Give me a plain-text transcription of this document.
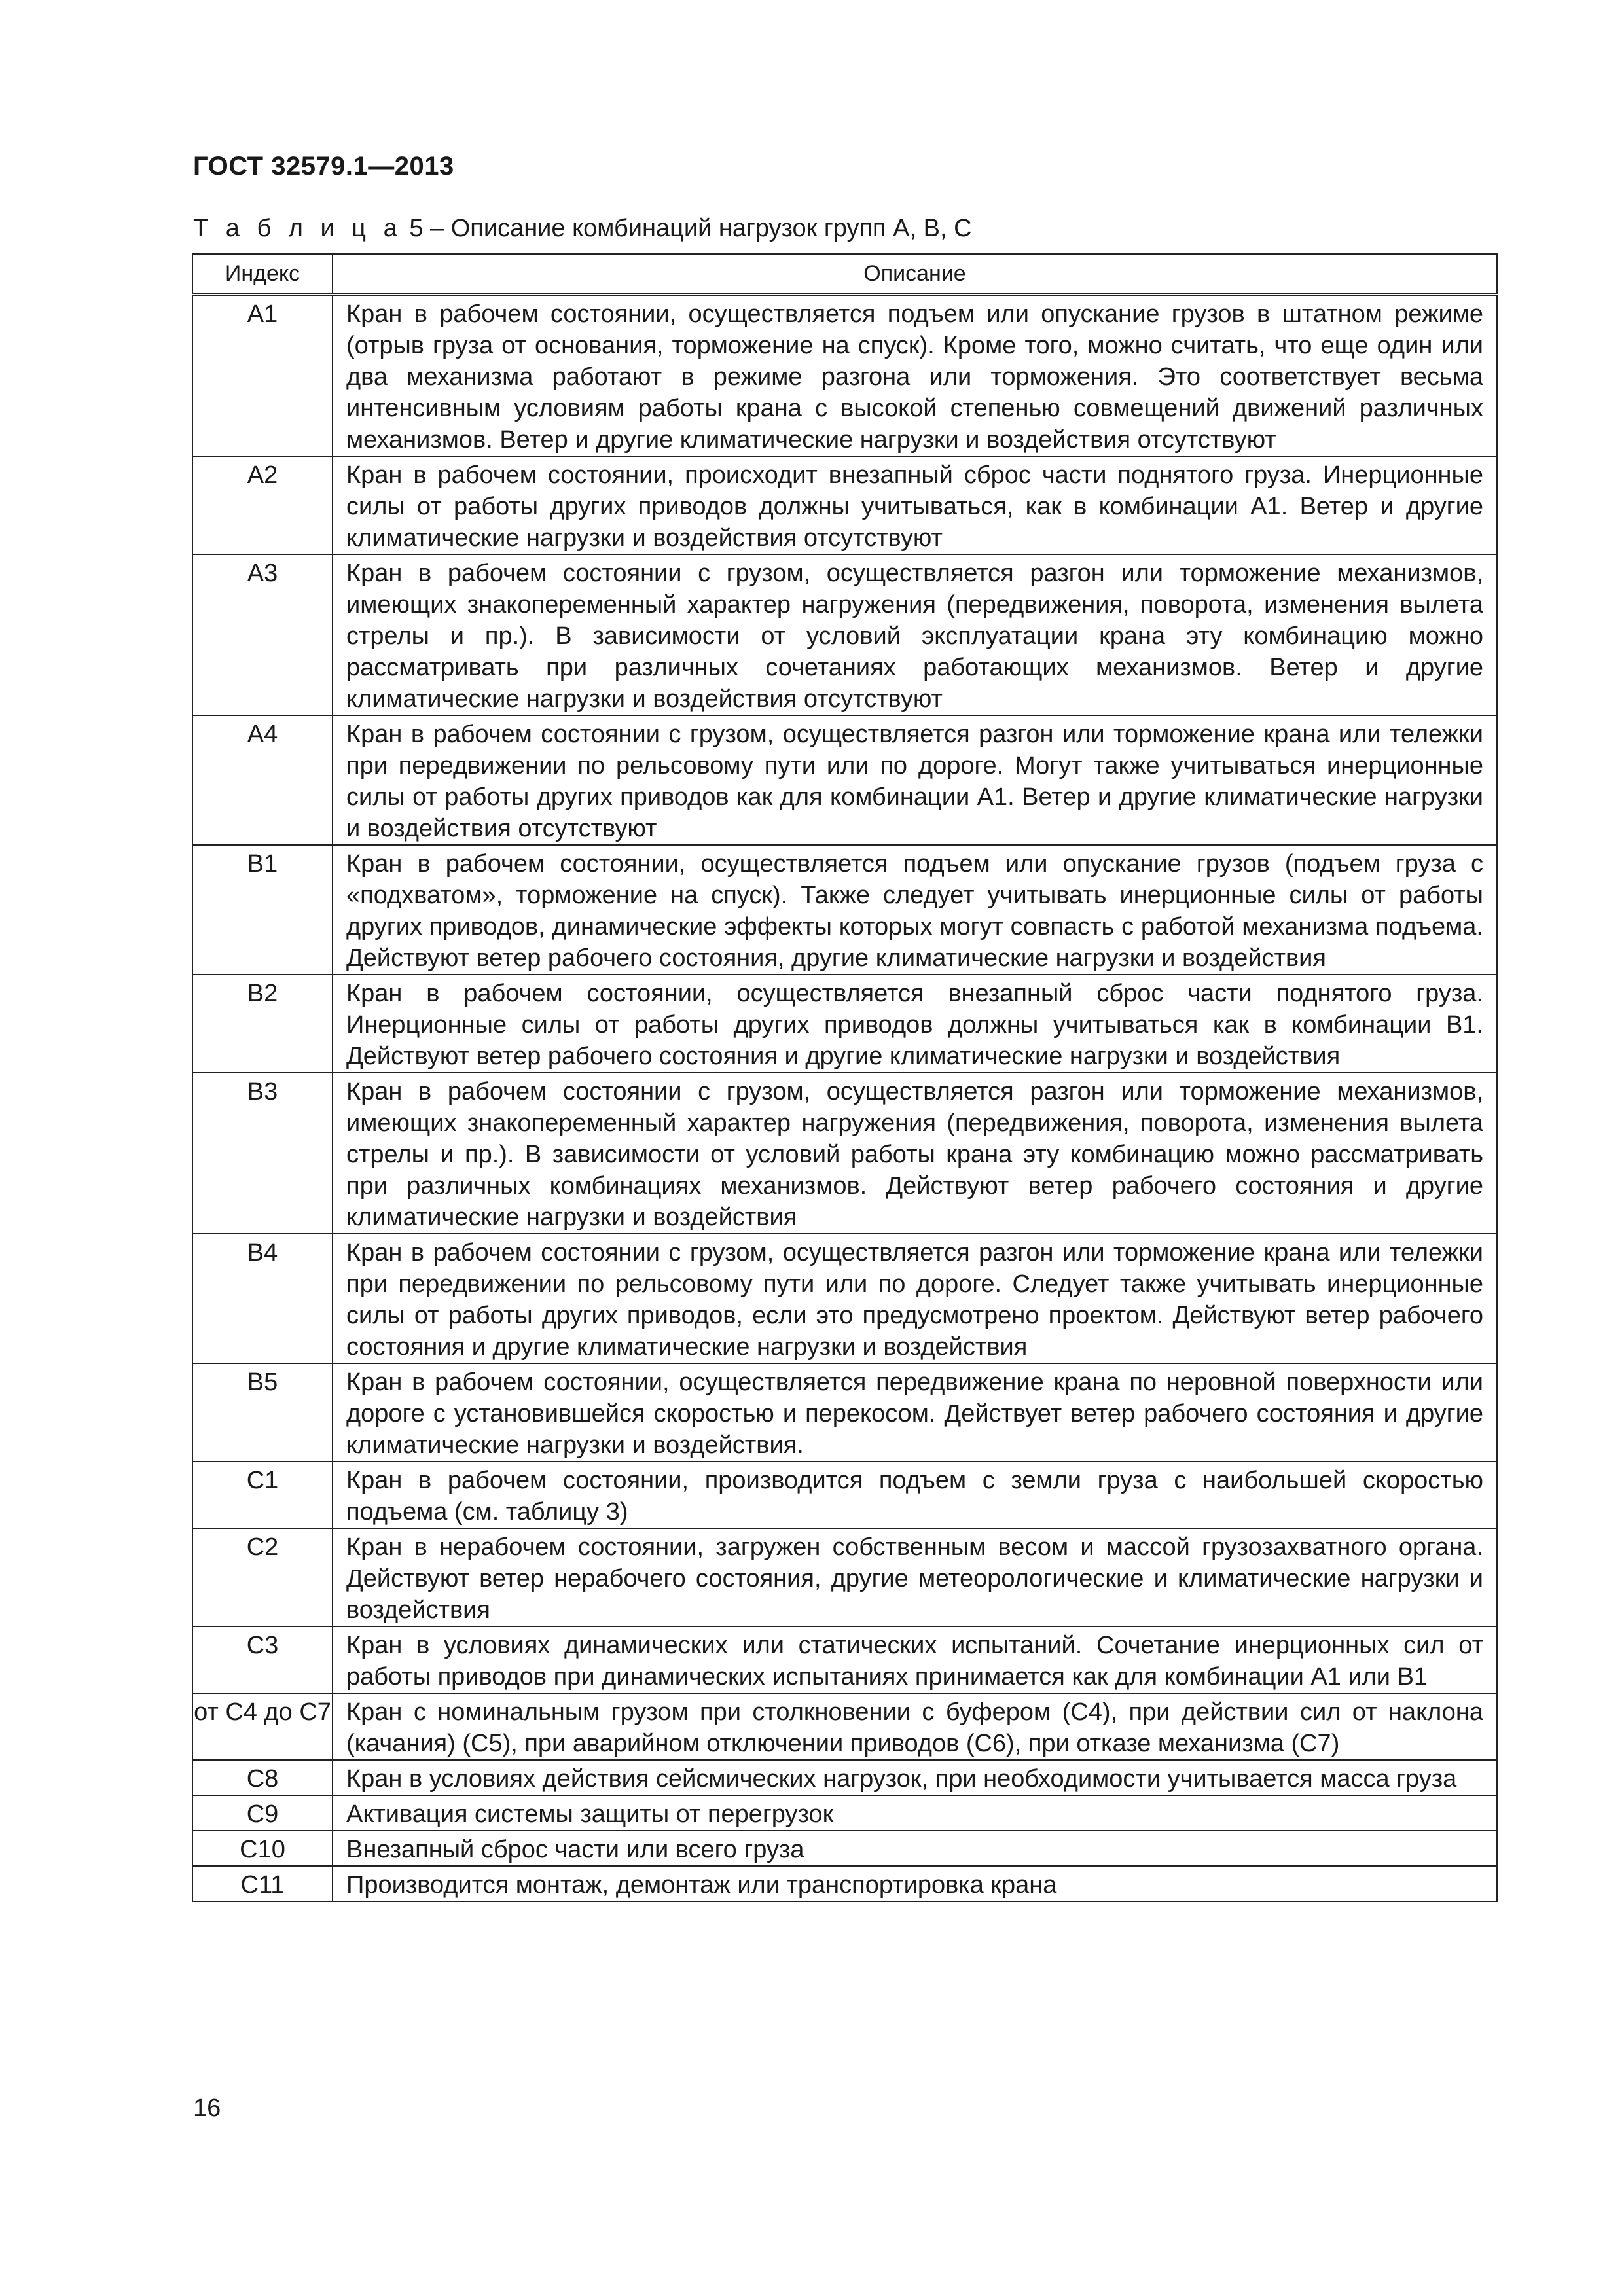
ГОСТ 32579.1—2013
Т а б л и ц а 5 – Описание комбинаций нагрузок групп А, В, С
Индекс	Описание
А1	Кран в рабочем состоянии, осуществляется подъем или опускание грузов в штатном режиме (отрыв груза от основания, торможение на спуск). Кроме того, можно считать, что еще один или два механизма работают в режиме разгона или торможения. Это соответствует весьма интенсивным условиям работы крана с высокой степенью совмещений движений различных механизмов. Ветер и другие климатические нагрузки и воздействия отсутствуют
А2	Кран в рабочем состоянии, происходит внезапный сброс части поднятого груза. Инерционные силы от работы других приводов должны учитываться, как в комбинации А1. Ветер и другие климатические нагрузки и воздействия отсутствуют
А3	Кран в рабочем состоянии с грузом, осуществляется разгон или торможение механизмов, имеющих знакопеременный характер нагружения (передвижения, поворота, изменения вылета стрелы и пр.). В зависимости от условий эксплуатации крана эту комбинацию можно рассматривать при различных сочетаниях работающих механизмов. Ветер и другие климатические нагрузки и воздействия отсутствуют
А4	Кран в рабочем состоянии с грузом, осуществляется разгон или торможение крана или тележки при передвижении по рельсовому пути или по дороге. Могут также учитываться инерционные силы от работы других приводов как для комбинации А1. Ветер и другие климатические нагрузки и воздействия отсутствуют
В1	Кран в рабочем состоянии, осуществляется подъем или опускание грузов (подъем груза с «подхватом», торможение на спуск). Также следует учитывать инерционные силы от работы других приводов, динамические эффекты которых могут совпасть с работой механизма подъема. Действуют ветер рабочего состояния, другие климатические нагрузки и воздействия
В2	Кран в рабочем состоянии, осуществляется внезапный сброс части поднятого груза. Инерционные силы от работы других приводов должны учитываться как в комбинации В1. Действуют ветер рабочего состояния и другие климатические нагрузки и воздействия
В3	Кран в рабочем состоянии с грузом, осуществляется разгон или торможение механизмов, имеющих знакопеременный характер нагружения (передвижения, поворота, изменения вылета стрелы и пр.). В зависимости от условий работы крана эту комбинацию можно рассматривать при различных комбинациях механизмов. Действуют ветер рабочего состояния и другие климатические нагрузки и воздействия
В4	Кран в рабочем состоянии с грузом, осуществляется разгон или торможение крана или тележки при передвижении по рельсовому пути или по дороге. Следует также учитывать инерционные силы от работы других приводов, если это предусмотрено проектом. Действуют ветер рабочего состояния и другие климатические нагрузки и воздействия
В5	Кран в рабочем состоянии, осуществляется передвижение крана по неровной поверхности или дороге с установившейся скоростью и перекосом. Действует ветер рабочего состояния и другие климатические нагрузки и воздействия.
С1	Кран в рабочем состоянии, производится подъем с земли груза с наибольшей скоростью подъема (см. таблицу 3)
С2	Кран в нерабочем состоянии, загружен собственным весом и массой грузозахватного органа. Действуют ветер нерабочего состояния, другие метеорологические и климатические нагрузки и воздействия
С3	Кран в условиях динамических или статических испытаний. Сочетание инерционных сил от работы приводов при динамических испытаниях принимается как для комбинации А1 или В1
от С4 до С7	Кран с номинальным грузом при столкновении с буфером (С4), при действии сил от наклона (качания) (С5), при аварийном отключении приводов (С6), при отказе механизма (С7)
С8	Кран в условиях действия сейсмических нагрузок, при необходимости учитывается масса груза
С9	Активация системы защиты от перегрузок
С10	Внезапный сброс части или всего груза
С11	Производится монтаж, демонтаж или транспортировка крана
16
